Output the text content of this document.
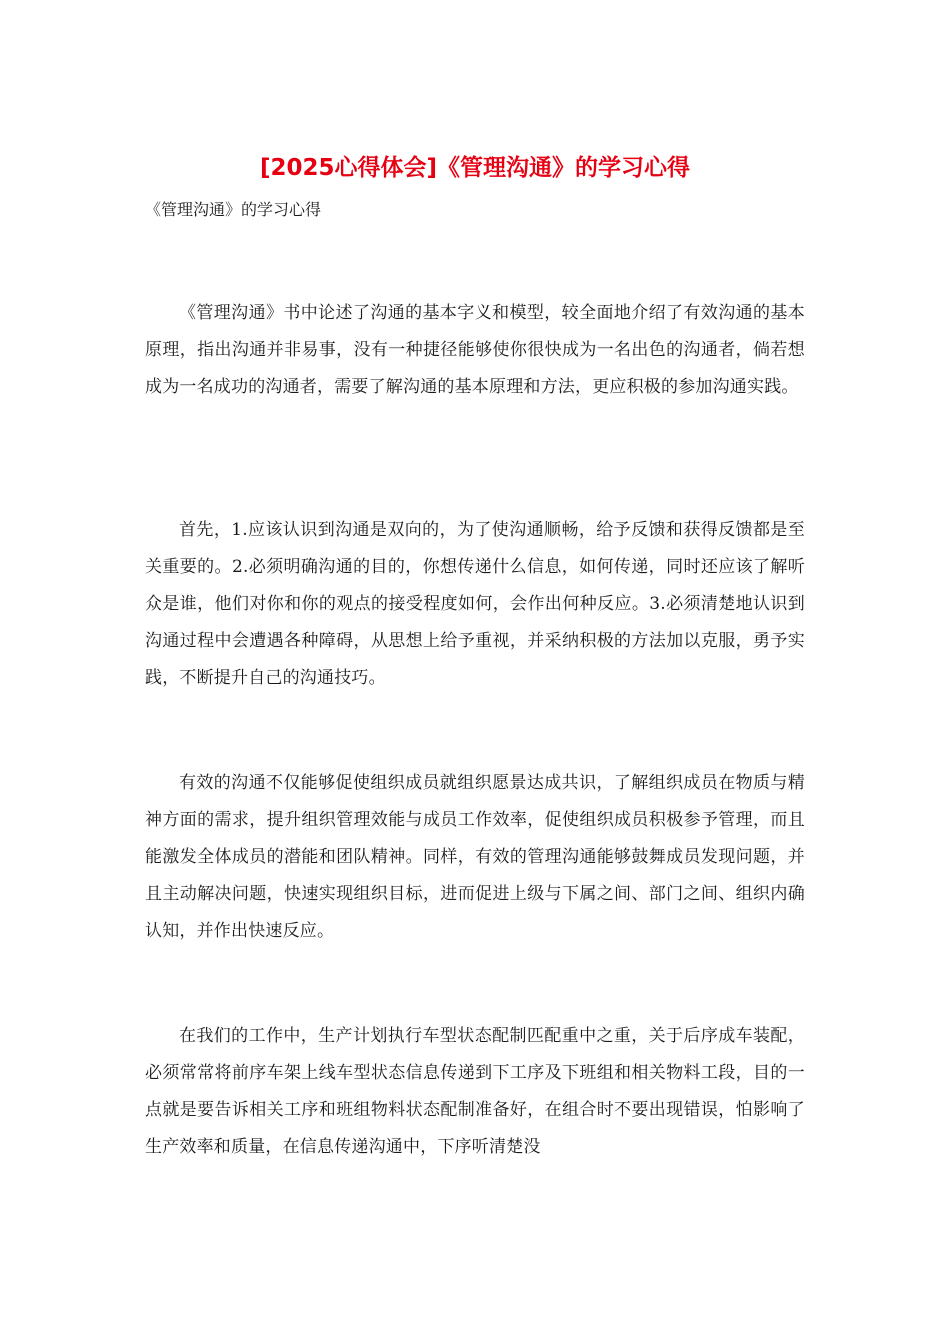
[2025心得体会]《管理沟通》的学习心得

《管理沟通》的学习心得

《管理沟通》书中论述了沟通的基本字义和模型，较全面地介绍了有效沟通的基本原理，指出沟通并非易事，没有一种捷径能够使你很快成为一名出色的沟通者，倘若想成为一名成功的沟通者，需要了解沟通的基本原理和方法，更应积极的参加沟通实践。

首先，1.应该认识到沟通是双向的，为了使沟通顺畅，给予反馈和获得反馈都是至关重要的。2.必须明确沟通的目的，你想传递什么信息，如何传递，同时还应该了解听众是谁，他们对你和你的观点的接受程度如何，会作出何种反应。3.必须清楚地认识到沟通过程中会遭遇各种障碍，从思想上给予重视，并采纳积极的方法加以克服，勇予实践，不断提升自己的沟通技巧。

有效的沟通不仅能够促使组织成员就组织愿景达成共识，了解组织成员在物质与精神方面的需求，提升组织管理效能与成员工作效率，促使组织成员积极参予管理，而且能激发全体成员的潜能和团队精神。同样，有效的管理沟通能够鼓舞成员发现问题，并且主动解决问题，快速实现组织目标，进而促进上级与下属之间、部门之间、组织内确认知，并作出快速反应。

在我们的工作中，生产计划执行车型状态配制匹配重中之重，关于后序成车装配，必须常常将前序车架上线车型状态信息传递到下工序及下班组和相关物料工段，目的一点就是要告诉相关工序和班组物料状态配制准备好，在组合时不要出现错误，怕影响了生产效率和质量，在信息传递沟通中，下序听清楚没
